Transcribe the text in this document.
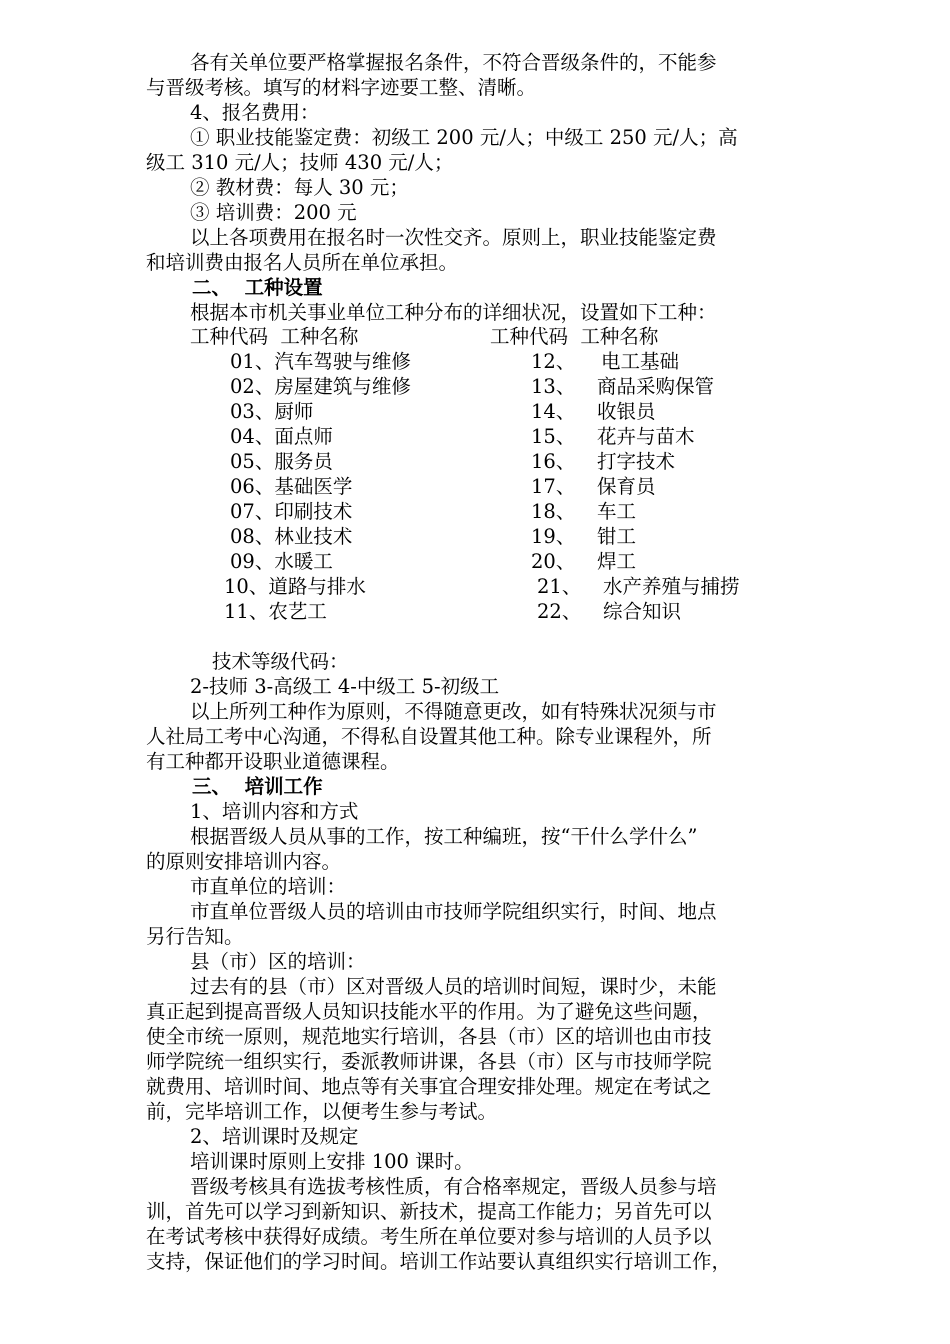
各有关单位要严格掌握报名条件，不符合晋级条件的，不能参
与晋级考核。填写的材料字迹要工整、清晰。
4、报名费用：
① 职业技能鉴定费：初级工 200 元/人；中级工 250 元/人；高
级工 310 元/人；技师 430 元/人；
② 教材费：每人 30 元；
③ 培训费：200 元
以上各项费用在报名时一次性交齐。原则上，职业技能鉴定费
和培训费由报名人员所在单位承担。
二、  工种设置
根据本市机关事业单位工种分布的详细状况，设置如下工种：
工种代码  工种名称	工种代码  工种名称
01、汽车驾驶与维修
02、房屋建筑与维修
03、厨师
04、面点师
05、服务员
06、基础医学
07、印刷技术
08、林业技术
09、水暖工
10、道路与排水
11、农艺工
12、
13、
14、
15、
16、
17、
18、
19、
20、
21、
22、
电工基础
商品采购保管
收银员
花卉与苗木
打字技术
保育员
车工
钳工
焊工
水产养殖与捕捞
综合知识
技术等级代码：
2-技师 3-高级工 4-中级工 5-初级工
以上所列工种作为原则，不得随意更改，如有特殊状况须与市
人社局工考中心沟通，不得私自设置其他工种。除专业课程外，所
有工种都开设职业道德课程。
三、  培训工作
1、培训内容和方式
根据晋级人员从事的工作，按工种编班，按“干什么学什么”
的原则安排培训内容。
市直单位的培训：
市直单位晋级人员的培训由市技师学院组织实行，时间、地点
另行告知。
县（市）区的培训：
过去有的县（市）区对晋级人员的培训时间短，课时少，未能
真正起到提高晋级人员知识技能水平的作用。为了避免这些问题，
使全市统一原则，规范地实行培训，各县（市）区的培训也由市技
师学院统一组织实行，委派教师讲课，各县（市）区与市技师学院
就费用、培训时间、地点等有关事宜合理安排处理。规定在考试之
前，完毕培训工作，以便考生参与考试。
2、培训课时及规定
培训课时原则上安排 100 课时。
晋级考核具有选拔考核性质，有合格率规定，晋级人员参与培
训，首先可以学习到新知识、新技术，提高工作能力；另首先可以
在考试考核中获得好成绩。考生所在单位要对参与培训的人员予以
支持，保证他们的学习时间。培训工作站要认真组织实行培训工作，
